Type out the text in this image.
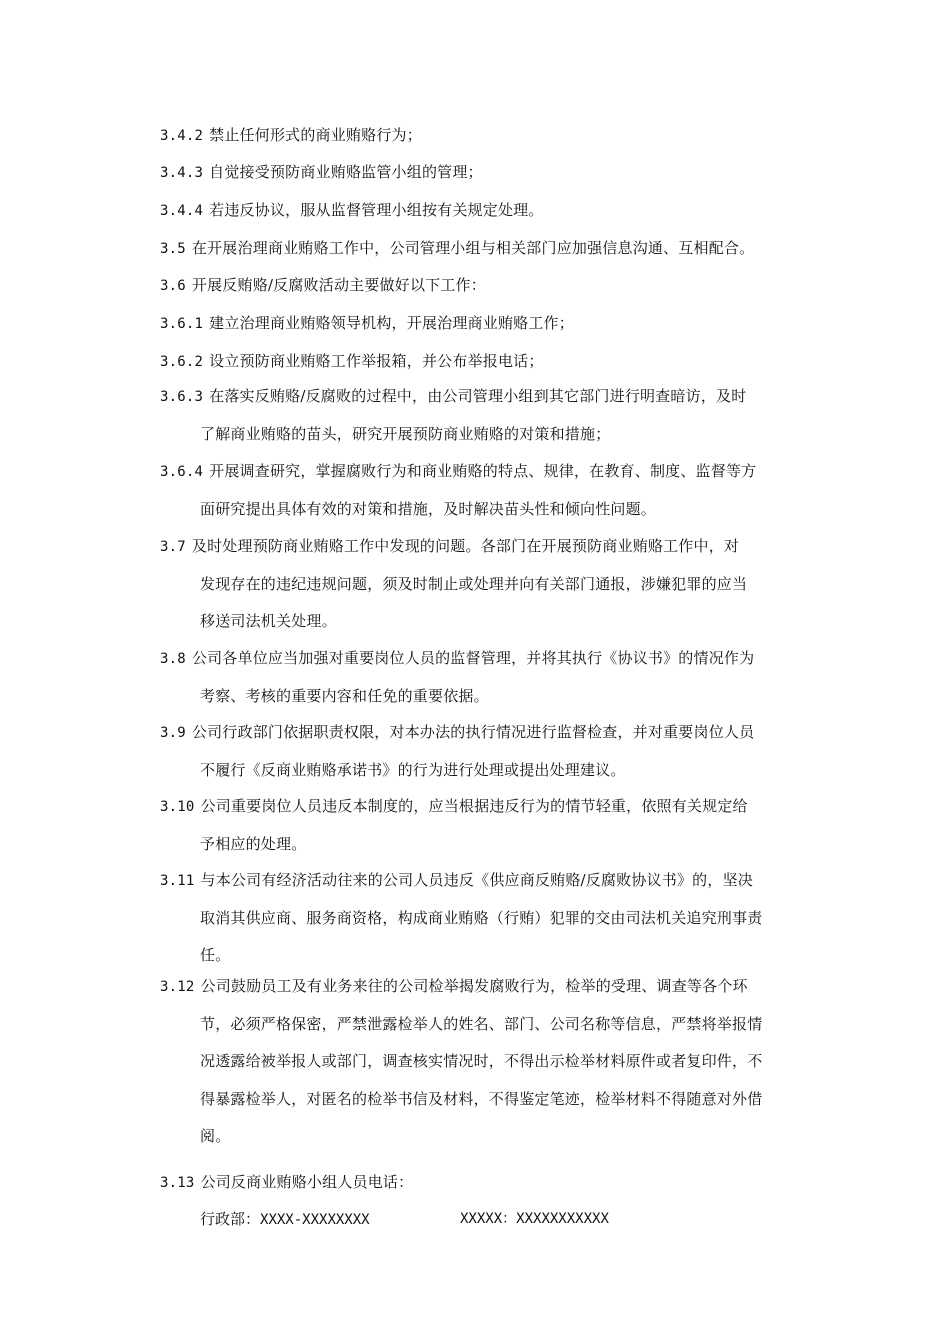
行政部：XXXX-XXXXXXXX	XXXXX：XXXXXXXXXXX
3.4.2 禁止任何形式的商业贿赂行为；
3.4.3 自觉接受预防商业贿赂监管小组的管理；
3.4.4 若违反协议，服从监督管理小组按有关规定处理。
3.5 在开展治理商业贿赂工作中，公司管理小组与相关部门应加强信息沟通、互相配合。
3.6 开展反贿赂/反腐败活动主要做好以下工作：
3.6.1 建立治理商业贿赂领导机构，开展治理商业贿赂工作；
3.6.2 设立预防商业贿赂工作举报箱，并公布举报电话；
3.6.3 在落实反贿赂/反腐败的过程中，由公司管理小组到其它部门进行明查暗访，及时
了解商业贿赂的苗头，研究开展预防商业贿赂的对策和措施；
3.6.4 开展调查研究，掌握腐败行为和商业贿赂的特点、规律，在教育、制度、监督等方
面研究提出具体有效的对策和措施，及时解决苗头性和倾向性问题。
3.7 及时处理预防商业贿赂工作中发现的问题。各部门在开展预防商业贿赂工作中，对
发现存在的违纪违规问题，须及时制止或处理并向有关部门通报，涉嫌犯罪的应当
移送司法机关处理。
3.8 公司各单位应当加强对重要岗位人员的监督管理，并将其执行《协议书》的情况作为
考察、考核的重要内容和任免的重要依据。
3.9 公司行政部门依据职责权限，对本办法的执行情况进行监督检查，并对重要岗位人员
不履行《反商业贿赂承诺书》的行为进行处理或提出处理建议。
3.10 公司重要岗位人员违反本制度的，应当根据违反行为的情节轻重，依照有关规定给
予相应的处理。
3.11 与本公司有经济活动往来的公司人员违反《供应商反贿赂/反腐败协议书》的，坚决
取消其供应商、服务商资格，构成商业贿赂（行贿）犯罪的交由司法机关追究刑事责
任。
3.12 公司鼓励员工及有业务来往的公司检举揭发腐败行为，检举的受理、调查等各个环
节，必须严格保密，严禁泄露检举人的姓名、部门、公司名称等信息，严禁将举报情
况透露给被举报人或部门，调查核实情况时，不得出示检举材料原件或者复印件，不
得暴露检举人，对匿名的检举书信及材料，不得鉴定笔迹，检举材料不得随意对外借
阅。
3.13 公司反商业贿赂小组人员电话：
